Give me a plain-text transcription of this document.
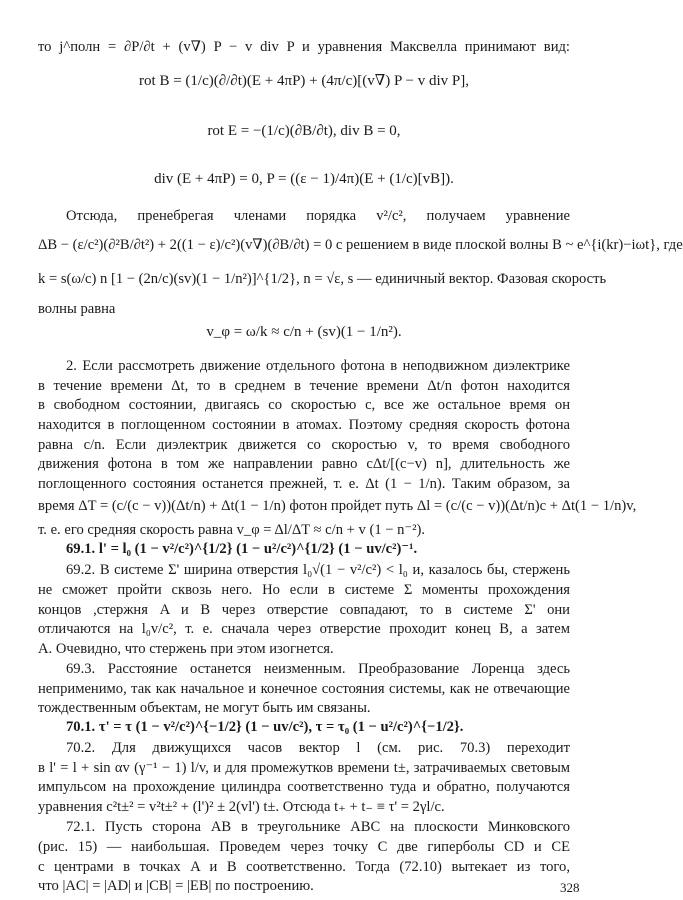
то j^полн = ∂P/∂t + (v∇) P − v div P и уравнения Максвелла принимают вид:
rot B = (1/c)(∂/∂t)(E + 4πP) + (4π/c)[(v∇) P − v div P],
rot E = −(1/c)(∂B/∂t), div B = 0,
div (E + 4πP) = 0, P = ((ε − 1)/4π)(E + (1/c)[vB]).
Отсюда, пренебрегая членами порядка v²/c², получаем уравнение
ΔB − (ε/c²)(∂²B/∂t²) + 2((1 − ε)/c²)(v∇)(∂B/∂t) = 0 с решением в виде плоской волны B ~ e^{i(kr)−iωt}, где
k = s(ω/c) n [1 − (2n/c)(sv)(1 − 1/n²)]^{1/2}, n = √ε, s — единичный вектор. Фазовая скорость
волны равна
v_φ = ω/k ≈ c/n + (sv)(1 − 1/n²).
2. Если рассмотреть движение отдельного фотона в неподвижном диэлектрике
в течение времени Δt, то в среднем в течение времени Δt/n фотон находится
в свободном состоянии, двигаясь со скоростью c, все же остальное время он
находится в поглощенном состоянии в атомах. Поэтому средняя скорость фотона
равна c/n. Если диэлектрик движется со скоростью v, то время свободного
движения фотона в том же направлении равно cΔt/[(c−v) n], длительность же
поглощенного состояния останется прежней, т. е. Δt (1 − 1/n). Таким образом, за
время ΔT = (c/(c − v))(Δt/n) + Δt(1 − 1/n) фотон пройдет путь Δl = (c/(c − v))(Δt/n)c + Δt(1 − 1/n)v,
т. е. его средняя скорость равна v_φ = Δl/ΔT ≈ c/n + v (1 − n⁻²).
69.1. l' = l₀ (1 − v²/c²)^{1/2} (1 − u²/c²)^{1/2} (1 − uv/c²)⁻¹.
69.2. В системе Σ' ширина отверстия l₀√(1 − v²/c²) < l₀ и, казалось бы, стержень
не сможет пройти сквозь него. Но если в системе Σ моменты прохождения
концов ,стержня A и B через отверстие совпадают, то в системе Σ' они
отличаются на l₀v/c², т. е. сначала через отверстие проходит конец B, а затем
A. Очевидно, что стержень при этом изогнется.
69.3. Расстояние останется неизменным. Преобразование Лоренца здесь
неприменимо, так как начальное и конечное состояния системы, как не отвечающие
тождественным объектам, не могут быть им связаны.
70.1. τ' = τ (1 − v²/c²)^{−1/2} (1 − uv/c²), τ = τ₀ (1 − u²/c²)^{−1/2}.
70.2. Для движущихся часов вектор l (см. рис. 70.3) переходит
в l' = l + sin αv (γ⁻¹ − 1) l/v, и для промежутков времени t±, затрачиваемых световым
импульсом на прохождение цилиндра соответственно туда и обратно, получаются
уравнения c²t±² = v²t±² + (l')² ± 2(vl') t±. Отсюда t₊ + t₋ ≡ τ' = 2γl/c.
72.1. Пусть сторона AB в треугольнике ABC на плоскости Минковского
(рис. 15) — наибольшая. Проведем через точку C две гиперболы CD и CE
с центрами в точках A и B соответственно. Тогда (72.10) вытекает из того,
что |AC| = |AD| и |CB| = |EB| по построению.	328
